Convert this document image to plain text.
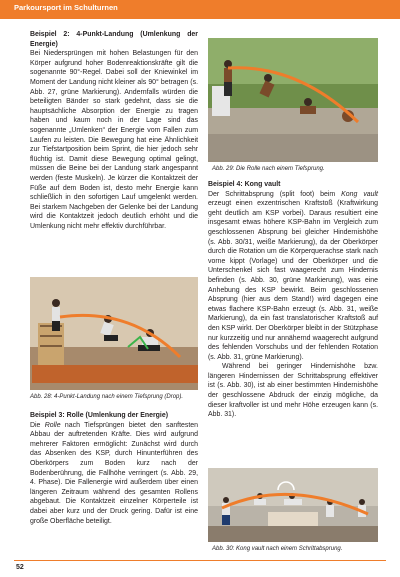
Parkoursport im Schulturnen

Beispiel 2: 4-Punkt-Landung (Umlenkung der Energie)

Bei Niedersprüngen mit hohen Belastungen für den Körper aufgrund hoher Bodenreaktionskräfte gilt die sogenannte 90°-Regel. Dabei soll der Kniewinkel im Moment der Landung nicht kleiner als 90° betragen (s. Abb. 27, grüne Markierung). Andernfalls würden die beteiligten Bänder so stark gedehnt, dass sie die hauptsächliche Absorption der Energie zu tragen haben und kaum noch in der Lage sind das sogenannte „Umlenken“ der Energie vom Fallen zum Laufen zu leisten. Die Bewegung hat eine Ähnlichkeit zur Tiefstartposition beim Sprint, die hier jedoch sehr flüchtig ist. Damit diese Bewegung optimal gelingt, müssen die Beine bei der Landung stark angespannt werden (feste Muskeln). Je kürzer die Kontaktzeit der Füße auf dem Boden ist, desto mehr Energie kann schließlich in den sofortigen Lauf umgelenkt werden. Bei starkem Nachgeben der Gelenke bei der Landung wird die Kontaktzeit jedoch deutlich erhöht und die Umlenkung nicht mehr effektiv durchführbar.

Abb. 28: 4-Punkt-Landung nach einem Tiefsprung (Drop).

Beispiel 3: Rolle (Umlenkung der Energie)

Die Rolle nach Tiefsprüngen bietet den sanftesten Abbau der auftretenden Kräfte. Dies wird aufgrund mehrerer Faktoren ermöglicht: Zunächst wird durch das Absenken des KSP, durch Hinunterführen des Oberkörpers zum Boden kurz nach der Bodenberührung, die Fallhöhe verringert (s. Abb. 29, 4. Phase). Die Fallenergie wird außerdem über einen längeren Zeitraum während des gesamten Rollens abgebaut. Die Kontaktzeit einzelner Körperteile ist dabei aber kurz und der Druck gering. Dafür ist eine große Oberfläche beteiligt.

Abb. 29: Die Rolle nach einem Tiefsprung.

Beispiel 4: Kong vault

Der Schrittabsprung (split foot) beim Kong vault erzeugt einen exzentrischen Kraftstoß (Kraftwirkung geht deutlich am KSP vorbei). Daraus resultiert eine insgesamt etwas höhere KSP-Bahn im Vergleich zum geschlossenen Absprung bei gleicher Hindernishöhe (s. Abb. 30/31, weiße Markierung), da der Oberkörper durch die Rotation um die Körperquerachse stark nach vorne kippt (Vorlage) und der Oberkörper und die Unterschenkel sich fast waagerecht zum Hindernis befinden (s. Abb. 30, grüne Markierung), was eine Anhebung des KSP bewirkt. Beim geschlossenen Absprung (hier aus dem Stand!) wird dagegen eine etwas flachere KSP-Bahn erzeugt (s. Abb. 31, weiße Markierung), da ein fast translatorischer Kraftstoß auf den KSP wirkt. Der Oberkörper bleibt in der Stützphase nur kurzzeitig und nur annähernd waagerecht aufgrund des fehlenden Vorschubs und der fehlenden Rotation (s. Abb. 31, grüne Markierung).

Während bei geringer Hindernishöhe bzw. längeren Hindernissen der Schrittabsprung effektiver ist (s. Abb. 30), ist ab einer bestimmten Hindernishöhe der geschlossene Abdruck der einzig mögliche, da dieser kraftvoller ist und mehr Höhe erzeugen kann (s. Abb. 31).

Abb. 30: Kong vault nach einem Schrittabsprung.
52
